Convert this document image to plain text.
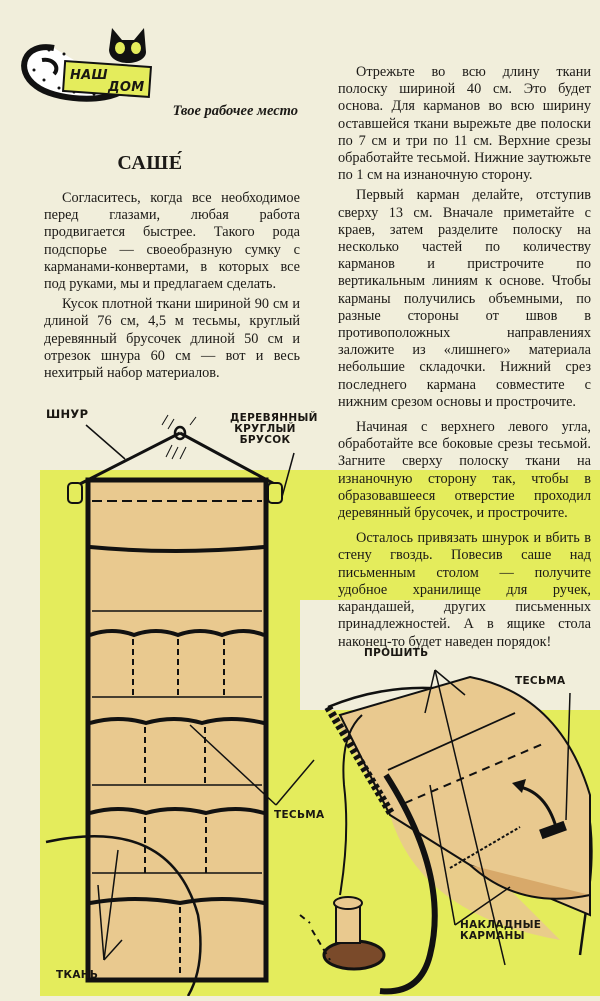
НАШ
ДОМ
Твое рабочее место
САШЕ́

Согласитесь, когда все необходимое перед глазами, любая работа продвигается быстрее. Такого рода подспорье — своеобразную сумку с карманами-конвертами, в которых все под руками, мы и предлагаем сделать.

Кусок плотной ткани шириной 90 см и длиной 76 см, 4,5 м тесьмы, круглый деревянный брусочек длиной 50 см и отрезок шнура 60 см — вот и весь нехитрый набор материалов.

Отрежьте во всю длину ткани полоску шириной 40 см. Это будет основа. Для карманов во всю ширину оставшейся ткани вырежьте две полоски по 7 см и три по 11 см. Верхние срезы обработайте тесьмой. Нижние заутюжьте по 1 см на изнаночную сторону.

Первый карман делайте, отступив сверху 13 см. Вначале приметайте с краев, затем разделите полоску на несколько частей по количеству карманов и пристрочите по вертикальным линиям к основе. Чтобы карманы получились объемными, по разные стороны от швов в противоположных направлениях заложите из «лишнего» материала небольшие складочки. Нижний срез последнего кармана совместите с нижним срезом основы и прострочите.

Начиная с верхнего левого угла, обработайте все боковые срезы тесьмой. Загните сверху полоску ткани на изнаночную сторону так, чтобы в образовавшееся отверстие проходил деревянный брусочек, и прострочите.

Осталось привязать шнурок и вбить в стену гвоздь. Повесив саше над письменным столом — получите удобное хранилище для ручек, карандашей, других письменных принадлежностей. А в ящике стола наконец-то будет наведен порядок!

ШНУР	ДЕРЕВЯННЫЙ
КРУГЛЫЙ
БРУСОК
ТЕСЬМА
ТКАНЬ
ПРОШИТЬ
ТЕСЬМА
НАКЛАДНЫЕ
КАРМАНЫ
